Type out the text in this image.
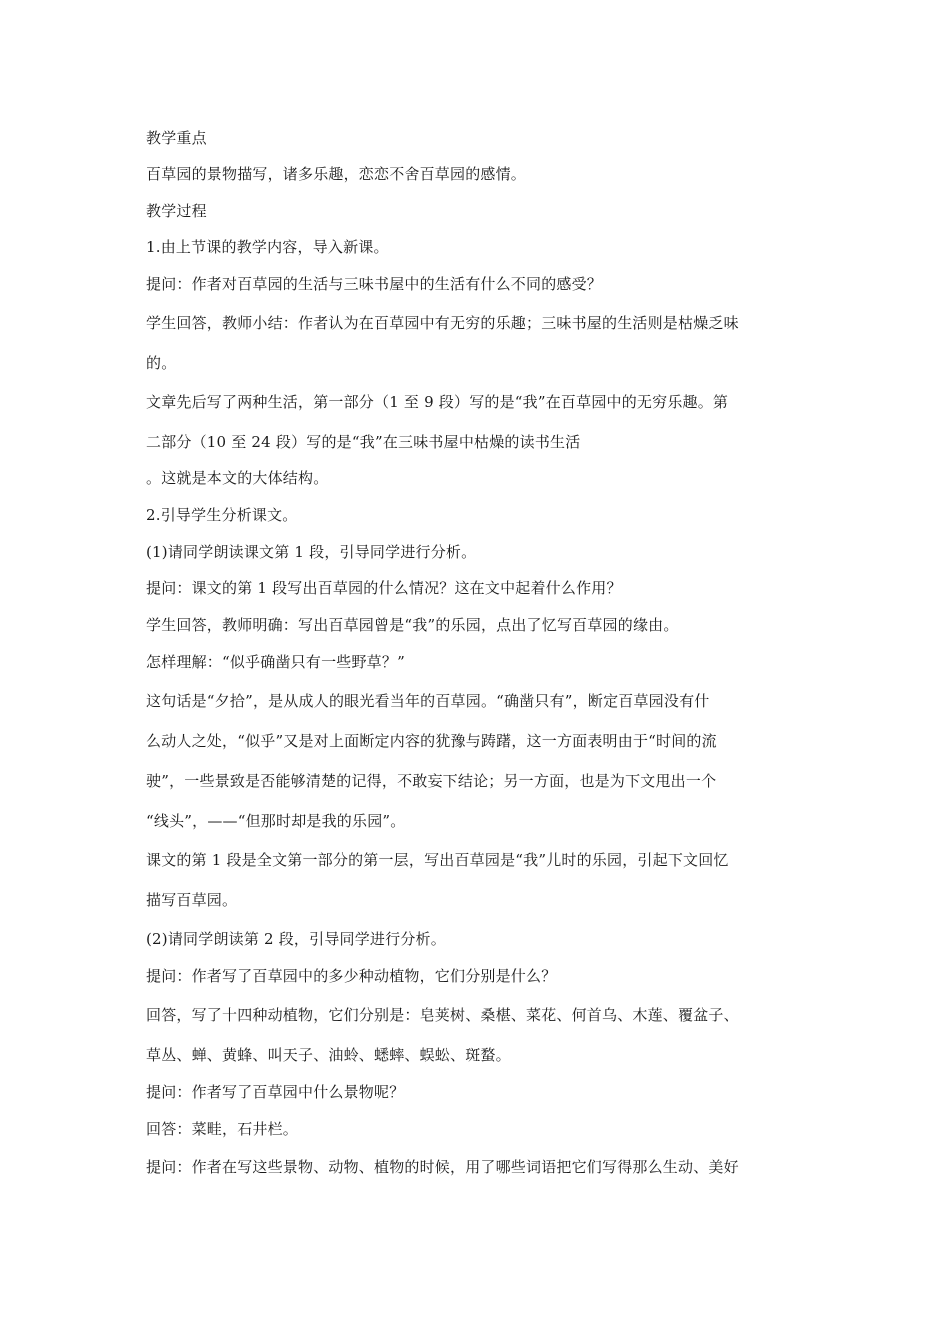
教学重点
百草园的景物描写，诸多乐趣，恋恋不舍百草园的感情。
教学过程
1.由上节课的教学内容，导入新课。
提问：作者对百草园的生活与三味书屋中的生活有什么不同的感受？
学生回答，教师小结：作者认为在百草园中有无穷的乐趣；三味书屋的生活则是枯燥乏味
的。
文章先后写了两种生活，第一部分（1 至 9 段）写的是“我”在百草园中的无穷乐趣。第
二部分（10 至 24 段）写的是“我”在三味书屋中枯燥的读书生活
。这就是本文的大体结构。
2.引导学生分析课文。
(1)请同学朗读课文第 1 段，引导同学进行分析。
提问：课文的第 1 段写出百草园的什么情况？这在文中起着什么作用？
学生回答，教师明确：写出百草园曾是“我”的乐园，点出了忆写百草园的缘由。
怎样理解：“似乎确凿只有一些野草？”
这句话是“夕拾”，是从成人的眼光看当年的百草园。“确凿只有”，断定百草园没有什
么动人之处，“似乎”又是对上面断定内容的犹豫与踌躇，这一方面表明由于“时间的流
驶”，一些景致是否能够清楚的记得，不敢妄下结论；另一方面，也是为下文甩出一个
“线头”，——“但那时却是我的乐园”。
课文的第 1 段是全文第一部分的第一层，写出百草园是“我”儿时的乐园，引起下文回忆
描写百草园。
(2)请同学朗读第 2 段，引导同学进行分析。
提问：作者写了百草园中的多少种动植物，它们分别是什么？
回答，写了十四种动植物，它们分别是：皂荚树、桑椹、菜花、何首乌、木莲、覆盆子、
草丛、蝉、黄蜂、叫天子、油蛉、蟋蟀、蜈蚣、斑蝥。
提问：作者写了百草园中什么景物呢？
回答：菜畦，石井栏。
提问：作者在写这些景物、动物、植物的时候，用了哪些词语把它们写得那么生动、美好
